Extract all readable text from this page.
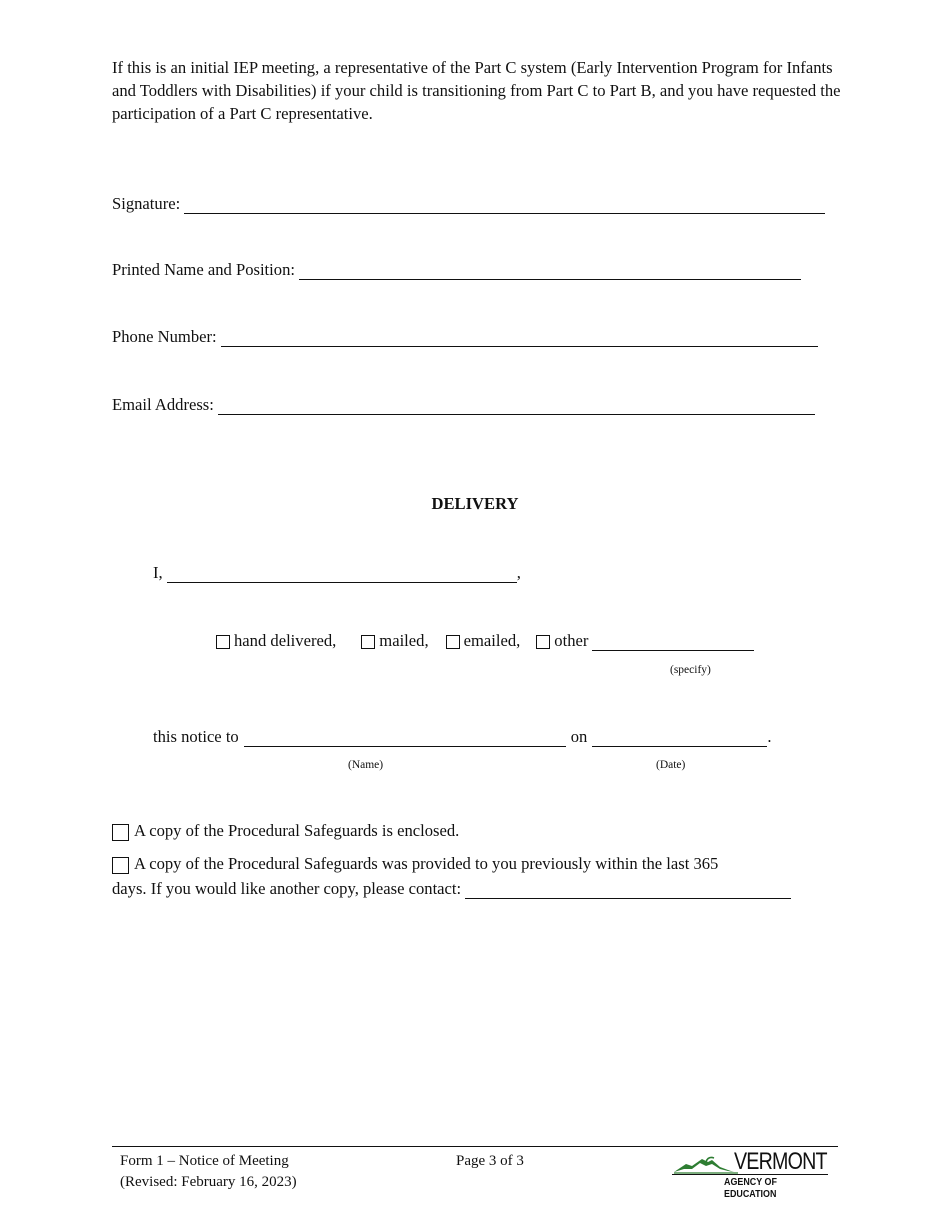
If this is an initial IEP meeting, a representative of the Part C system (Early Intervention Program for Infants and Toddlers with Disabilities) if your child is transitioning from Part C to Part B, and you have requested the participation of a Part C representative.

Signature:
Printed Name and Position:
Phone Number:
Email Address:
DELIVERY
I,	,
hand delivered,	mailed, emailed, other
(specify)
this notice to	on	.
(Name)	(Date)
A copy of the Procedural Safeguards is enclosed.
A copy of the Procedural Safeguards was provided to you previously within the last 365
days. If you would like another copy, please contact:
Form 1 – Notice of Meeting
(Revised: February 16, 2023)
Page 3 of 3	VERMONT
AGENCY OF EDUCATION
